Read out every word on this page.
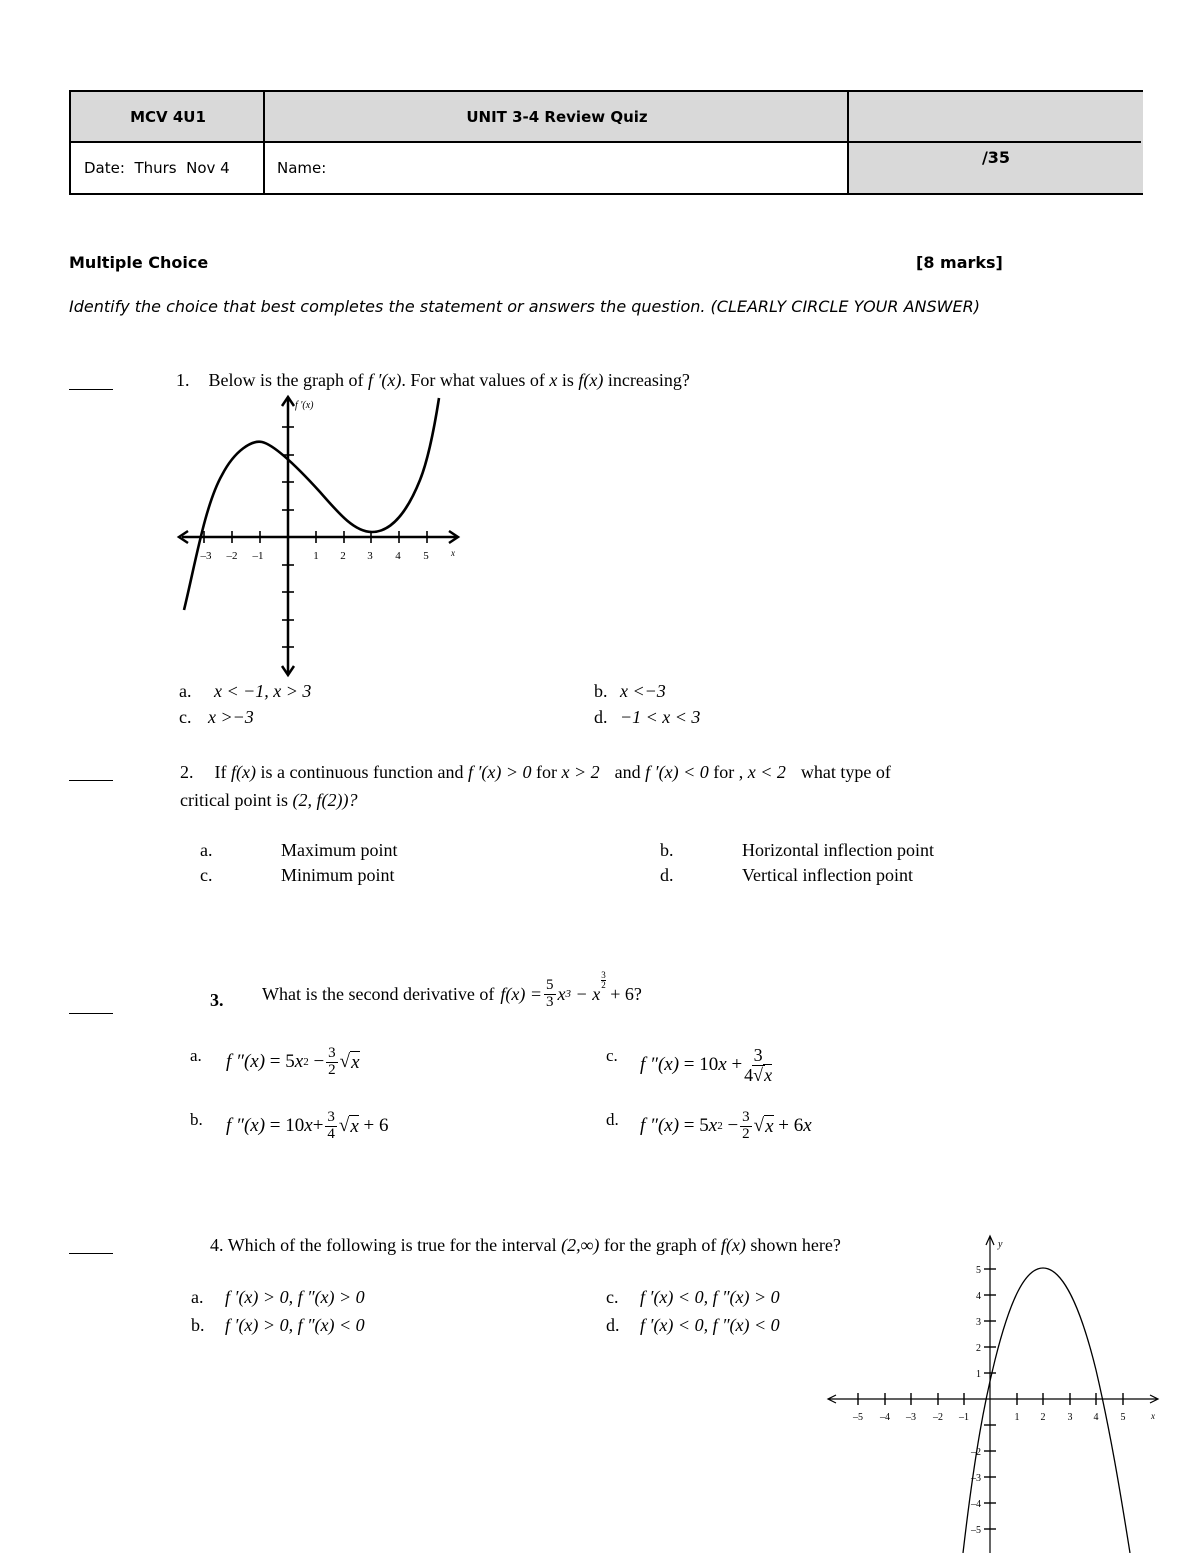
MCV 4U1	UNIT 3-4 Review Quiz
Date:  Thurs  Nov 4	Name:
/35
Multiple Choice	[8 marks]
Identify the choice that best completes the statement or answers the question. (CLEARLY CIRCLE YOUR ANSWER)
1. Below is the graph of f ′(x). For what values of x is f(x) increasing?
–3 –2 –1	1 2 3 4 5 x
f '(x)
a. x < −1, x > 3	b. x <−3
c. x >−3	d. −1 < x < 3
2. If f(x) is a continuous function and f ′(x) > 0 for x > 2 and f ′(x) < 0 for , x < 2 what type of
critical point is (2, f(2))?
a.	Maximum point	b.	Horizontal inflection point
c.	Minimum point	d.	Vertical inflection point
3. What is the second derivative of $f(x) = \frac{5}{3}$ x 3 − x
3
2
+ 6?
a. f ″( x ) = 5 x 2
− $\frac{3}{2}$ √ x
b. f ″( x ) = 10 $x + \frac{3}{4}$ √ x + 6
c. f ″( x ) = 10 $x + \frac{3}{4√x}$
d. f ″( x ) = 5 x 2
− $\frac{3}{2}$ √ x + 6 x
4. Which of the following is true for the interval (2,∞) for the graph of f(x) shown here?
a. f ′(x) > 0, f ″(x) > 0
b. f ′(x) > 0, f ″(x) < 0
c. f ′(x) < 0, f ″(x) > 0
d. f ′(x) < 0, f ″(x) < 0
–5 –4 –3 –2 –1	1 2 3 4 5	x
5
4
3
2
1
–2
–3
–4
–5
y
